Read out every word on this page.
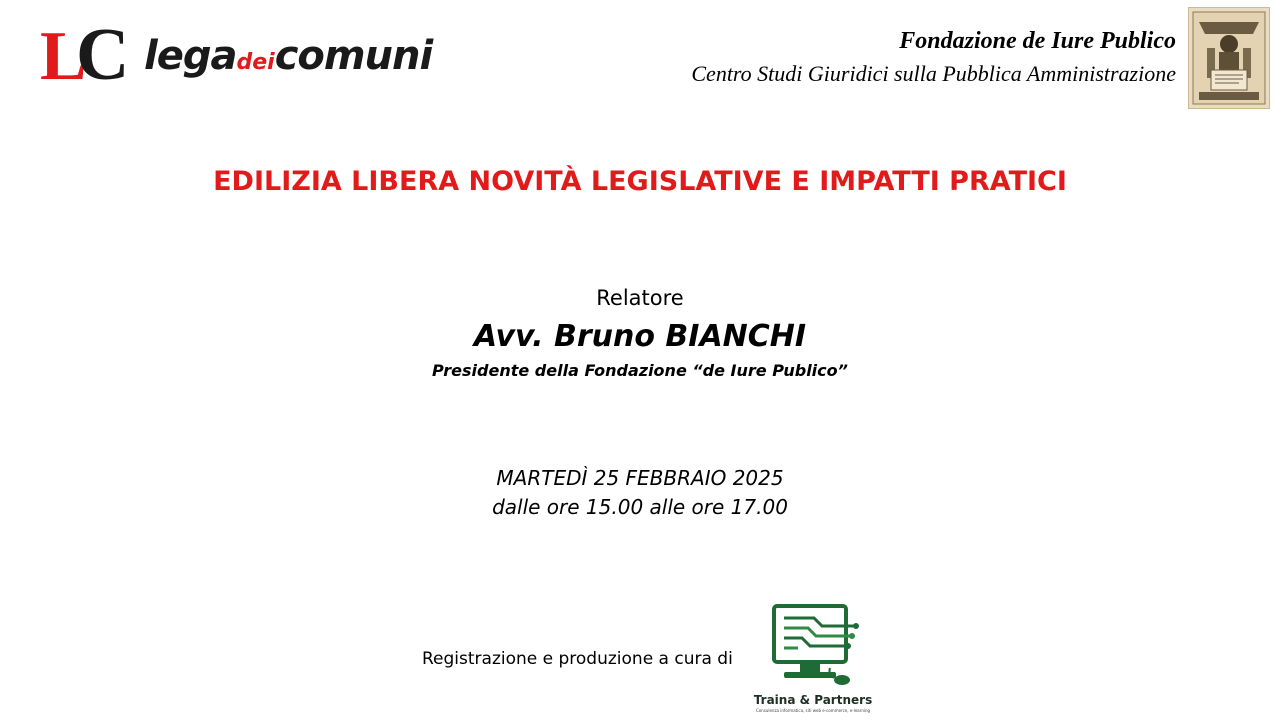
L
C legadeicomuni	Fondazione de Iure Publico
Centro Studi Giuridici sulla Pubblica Amministrazione
EDILIZIA LIBERA NOVITÀ LEGISLATIVE E IMPATTI PRATICI
Relatore
Avv. Bruno BIANCHI
Presidente della Fondazione “de Iure Publico”
MARTEDÌ 25 FEBBRAIO 2025
dalle ore 15.00 alle ore 17.00
Registrazione e produzione a cura di
Traina & Partners
Consulenza informatica, siti web e-commerce, e-learning
